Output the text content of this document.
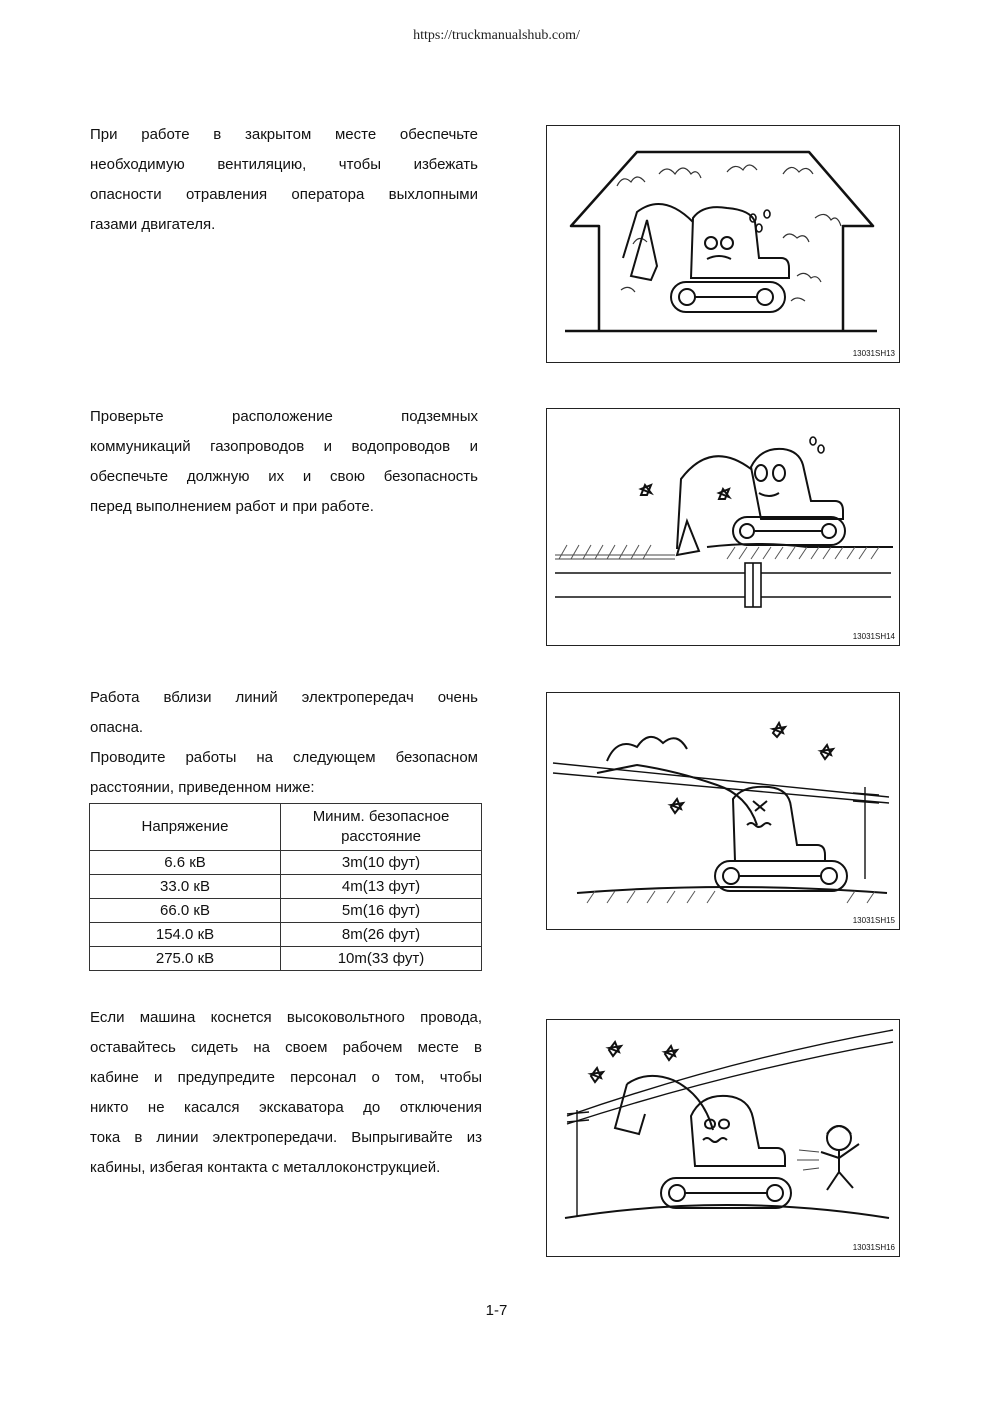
https://truckmanualshub.com/

При работе в закрытом месте обеспечьте
необходимую вентиляцию, чтобы избежать
опасности отравления оператора выхлопными
газами двигателя.

Проверьте расположение подземных
коммуникаций газопроводов и водопроводов и
обеспечьте должную их и свою безопасность
перед выполнением работ и при работе.

Работа вблизи линий электропередач очень
опасна.
Проводите работы на следующем безопасном
расстоянии, приведенном ниже:

Напряжение	Миним. безопасное расстояние
6.6 кВ	3m(10 фут)
33.0 кВ	4m(13 фут)
66.0 кВ	5m(16 фут)
154.0 кВ	8m(26 фут)
275.0 кВ	10m(33 фут)

Если машина коснется высоковольтного провода,
оставайтесь сидеть на своем рабочем месте в
кабине и предупредите персонал о том, чтобы
никто не касался экскаватора до отключения
тока в линии электропередачи. Выпрыгивайте из
кабины, избегая контакта с металлоконструкцией.

13031SH13
13031SH14
13031SH15
13031SH16
1-7
